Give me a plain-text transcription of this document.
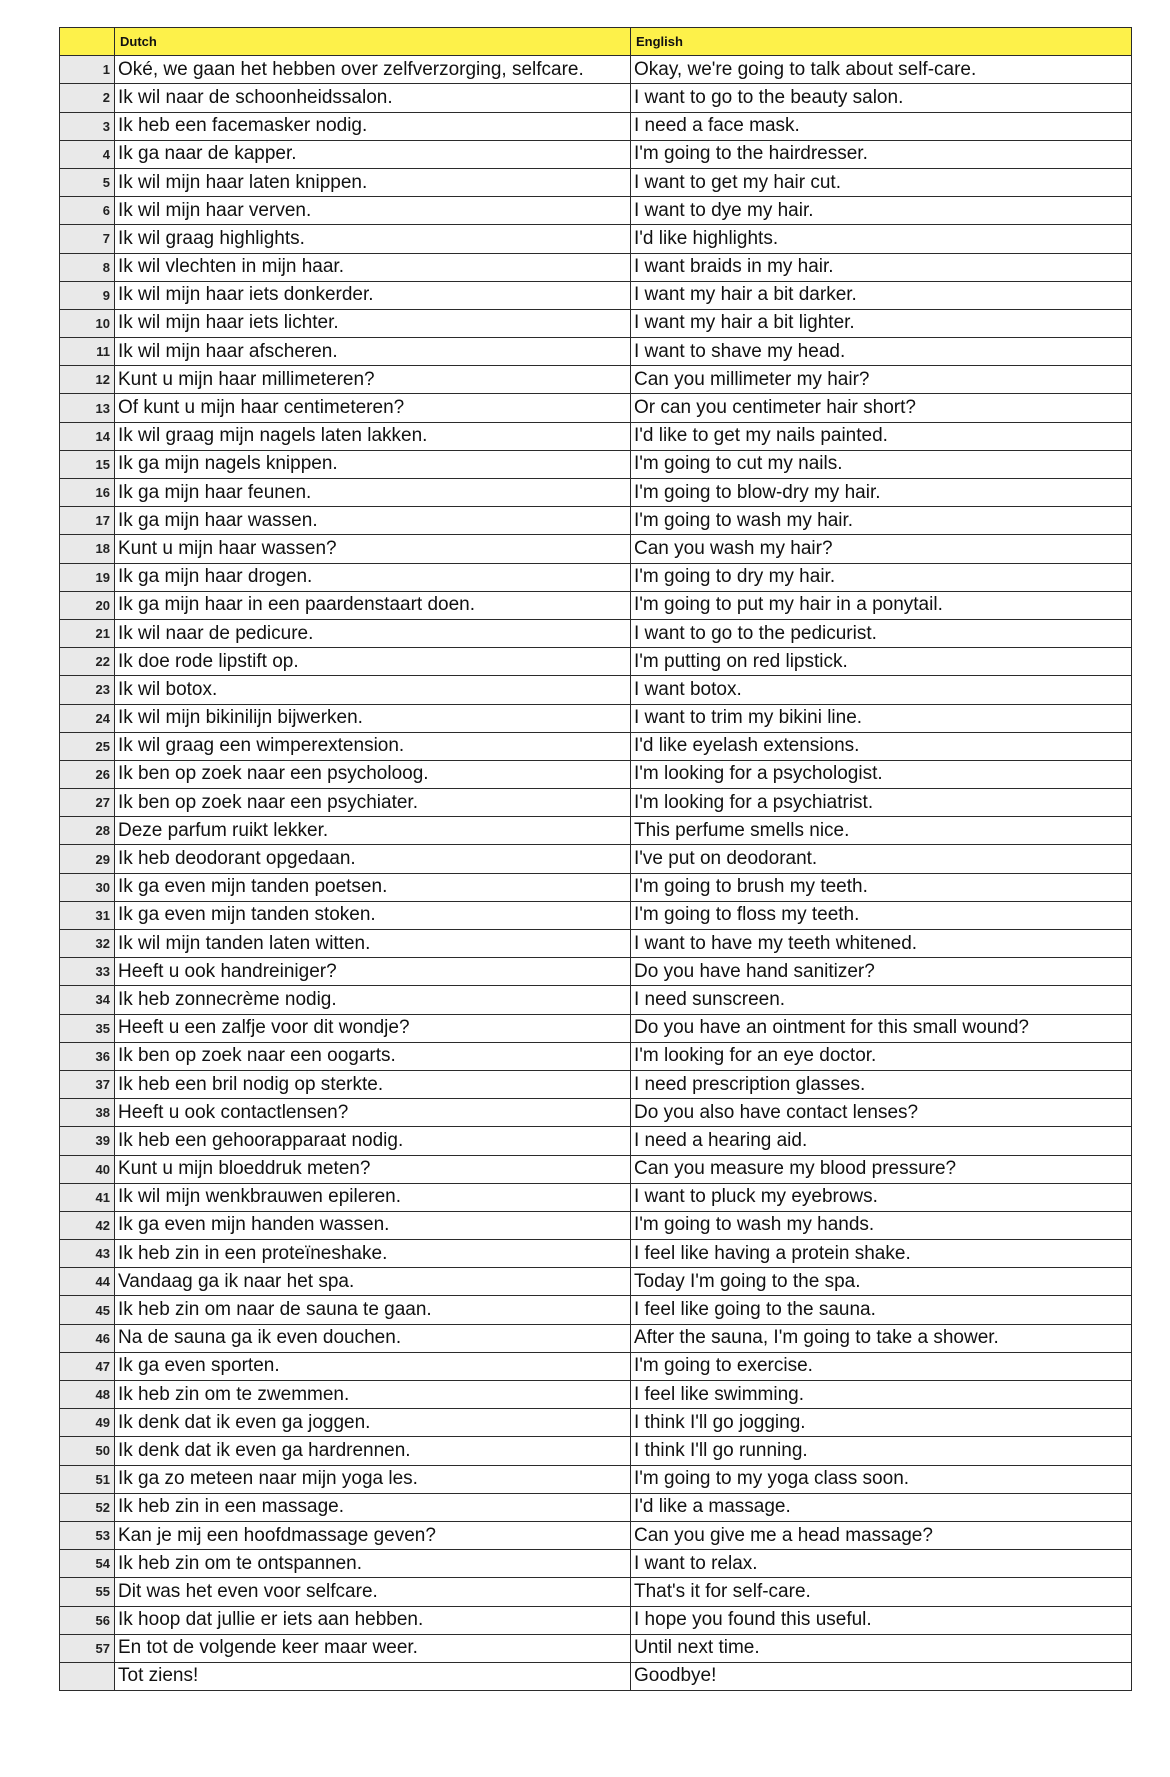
	Dutch	English
1	Oké, we gaan het hebben over zelfverzorging, selfcare.	Okay, we're going to talk about self-care.
2	Ik wil naar de schoonheidssalon.	I want to go to the beauty salon.
3	Ik heb een facemasker nodig.	I need a face mask.
4	Ik ga naar de kapper.	I'm going to the hairdresser.
5	Ik wil mijn haar laten knippen.	I want to get my hair cut.
6	Ik wil mijn haar verven.	I want to dye my hair.
7	Ik wil graag highlights.	I'd like highlights.
8	Ik wil vlechten in mijn haar.	I want braids in my hair.
9	Ik wil mijn haar iets donkerder.	I want my hair a bit darker.
10	Ik wil mijn haar iets lichter.	I want my hair a bit lighter.
11	Ik wil mijn haar afscheren.	I want to shave my head.
12	Kunt u mijn haar millimeteren?	Can you millimeter my hair?
13	Of kunt u mijn haar centimeteren?	Or can you centimeter hair short?
14	Ik wil graag mijn nagels laten lakken.	I'd like to get my nails painted.
15	Ik ga mijn nagels knippen.	I'm going to cut my nails.
16	Ik ga mijn haar feunen.	I'm going to blow-dry my hair.
17	Ik ga mijn haar wassen.	I'm going to wash my hair.
18	Kunt u mijn haar wassen?	Can you wash my hair?
19	Ik ga mijn haar drogen.	I'm going to dry my hair.
20	Ik ga mijn haar in een paardenstaart doen.	I'm going to put my hair in a ponytail.
21	Ik wil naar de pedicure.	I want to go to the pedicurist.
22	Ik doe rode lipstift op.	I'm putting on red lipstick.
23	Ik wil botox.	I want botox.
24	Ik wil mijn bikinilijn bijwerken.	I want to trim my bikini line.
25	Ik wil graag een wimperextension.	I'd like eyelash extensions.
26	Ik ben op zoek naar een psycholoog.	I'm looking for a psychologist.
27	Ik ben op zoek naar een psychiater.	I'm looking for a psychiatrist.
28	Deze parfum ruikt lekker.	This perfume smells nice.
29	Ik heb deodorant opgedaan.	I've put on deodorant.
30	Ik ga even mijn tanden poetsen.	I'm going to brush my teeth.
31	Ik ga even mijn tanden stoken.	I'm going to floss my teeth.
32	Ik wil mijn tanden laten witten.	I want to have my teeth whitened.
33	Heeft u ook handreiniger?	Do you have hand sanitizer?
34	Ik heb zonnecrème nodig.	I need sunscreen.
35	Heeft u een zalfje voor dit wondje?	Do you have an ointment for this small wound?
36	Ik ben op zoek naar een oogarts.	I'm looking for an eye doctor.
37	Ik heb een bril nodig op sterkte.	I need prescription glasses.
38	Heeft u ook contactlensen?	Do you also have contact lenses?
39	Ik heb een gehoorapparaat nodig.	I need a hearing aid.
40	Kunt u mijn bloeddruk meten?	Can you measure my blood pressure?
41	Ik wil mijn wenkbrauwen epileren.	I want to pluck my eyebrows.
42	Ik ga even mijn handen wassen.	I'm going to wash my hands.
43	Ik heb zin in een proteïneshake.	I feel like having a protein shake.
44	Vandaag ga ik naar het spa.	Today I'm going to the spa.
45	Ik heb zin om naar de sauna te gaan.	I feel like going to the sauna.
46	Na de sauna ga ik even douchen.	After the sauna, I'm going to take a shower.
47	Ik ga even sporten.	I'm going to exercise.
48	Ik heb zin om te zwemmen.	I feel like swimming.
49	Ik denk dat ik even ga joggen.	I think I'll go jogging.
50	Ik denk dat ik even ga hardrennen.	I think I'll go running.
51	Ik ga zo meteen naar mijn yoga les.	I'm going to my yoga class soon.
52	Ik heb zin in een massage.	I'd like a massage.
53	Kan je mij een hoofdmassage geven?	Can you give me a head massage?
54	Ik heb zin om te ontspannen.	I want to relax.
55	Dit was het even voor selfcare.	That's it for self-care.
56	Ik hoop dat jullie er iets aan hebben.	I hope you found this useful.
57	En tot de volgende keer maar weer.	Until next time.
	Tot ziens!	Goodbye!
